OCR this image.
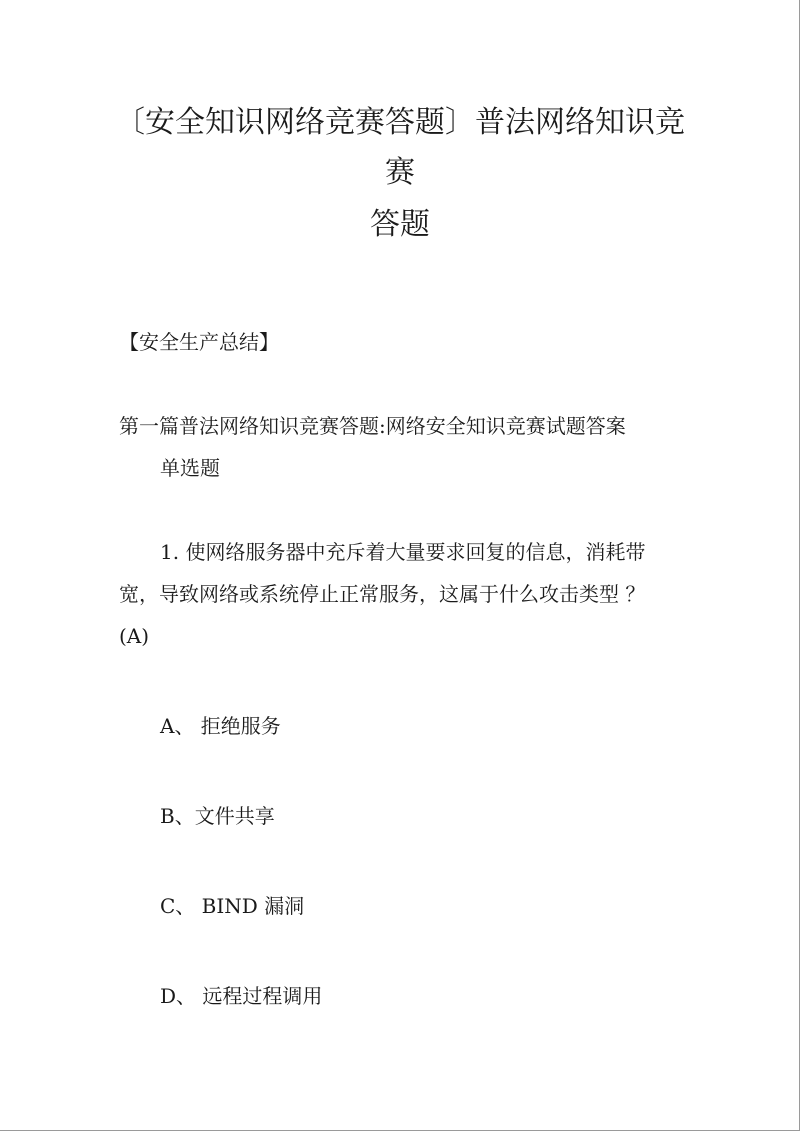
〔安全知识网络竞赛答题〕普法网络知识竞
赛
答题
【安全生产总结】
第一篇普法网络知识竞赛答题:网络安全知识竞赛试题答案
单选题
1. 使网络服务器中充斥着大量要求回复的信息，消耗带
宽，导致网络或系统停止正常服务，这属于什么攻击类型 ？
(A)
A、 拒绝服务
B、文件共享
C、 BIND 漏洞
D、 远程过程调用
